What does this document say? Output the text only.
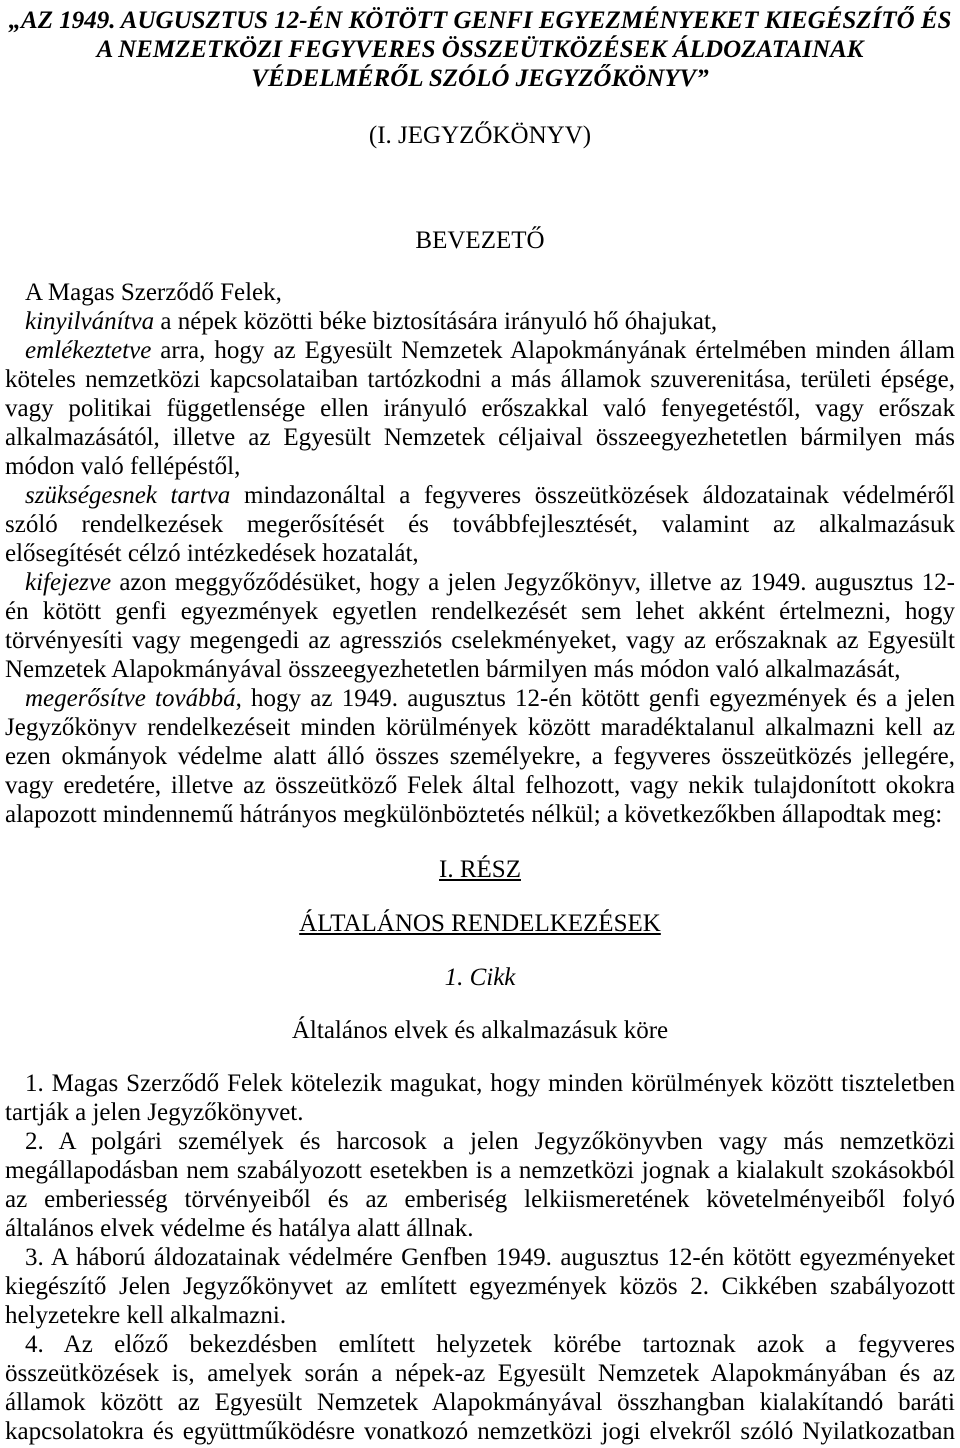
„AZ 1949. AUGUSZTUS 12-ÉN KÖTÖTT GENFI EGYEZMÉNYEKET KIEGÉSZÍTŐ ÉS
A NEMZETKÖZI FEGYVERES ÖSSZEÜTKÖZÉSEK ÁLDOZATAINAK
VÉDELMÉRŐL SZÓLÓ JEGYZŐKÖNYV”
(I. JEGYZŐKÖNYV)
BEVEZETŐ

A Magas Szerződő Felek,

kinyilvánítva a népek közötti béke biztosítására irányuló hő óhajukat,

emlékeztetve arra, hogy az Egyesült Nemzetek Alapokmányának értelmében minden állam köteles nemzetközi kapcsolataiban tartózkodni a más államok szuverenitása, területi épsége, vagy politikai függetlensége ellen irányuló erőszakkal való fenyegetéstől, vagy erőszak alkalmazásától, illetve az Egyesült Nemzetek céljaival összeegyezhetetlen bármilyen más módon való fellépéstől,

szükségesnek tartva mindazonáltal a fegyveres összeütközések áldozatainak védelméről szóló rendelkezések megerősítését és továbbfejlesztését, valamint az alkalmazásuk elősegítését célzó intézkedések hozatalát,

kifejezve azon meggyőződésüket, hogy a jelen Jegyzőkönyv, illetve az 1949. augusztus 12-én kötött genfi egyezmények egyetlen rendelkezését sem lehet akként értelmezni, hogy törvényesíti vagy megengedi az agressziós cselekményeket, vagy az erőszaknak az Egyesült Nemzetek Alapokmányával összeegyezhetetlen bármilyen más módon való alkalmazását,

megerősítve továbbá, hogy az 1949. augusztus 12-én kötött genfi egyezmények és a jelen Jegyzőkönyv rendelkezéseit minden körülmények között maradéktalanul alkalmazni kell az ezen okmányok védelme alatt álló összes személyekre, a fegyveres összeütközés jellegére, vagy eredetére, illetve az összeütköző Felek által felhozott, vagy nekik tulajdonított okokra alapozott mindennemű hátrányos megkülönböztetés nélkül; a következőkben állapodtak meg:

I. RÉSZ
ÁLTALÁNOS RENDELKEZÉSEK
1. Cikk
Általános elvek és alkalmazásuk köre

1. Magas Szerződő Felek kötelezik magukat, hogy minden körülmények között tiszteletben tartják a jelen Jegyzőkönyvet.

2. A polgári személyek és harcosok a jelen Jegyzőkönyvben vagy más nemzetközi megállapodásban nem szabályozott esetekben is a nemzetközi jognak a kialakult szokásokból az emberiesség törvényeiből és az emberiség lelkiismeretének követelményeiből folyó általános elvek védelme és hatálya alatt állnak.

3. A háború áldozatainak védelmére Genfben 1949. augusztus 12-én kötött egyezményeket kiegészítő Jelen Jegyzőkönyvet az említett egyezmények közös 2. Cikkében szabályozott helyzetekre kell alkalmazni.

4. Az előző bekezdésben említett helyzetek körébe tartoznak azok a fegyveres összeütközések is, amelyek során a népek-az Egyesült Nemzetek Alapokmányában és az államok között az Egyesült Nemzetek Alapokmányával összhangban kialakítandó baráti kapcsolatokra és együttműködésre vonatkozó nemzetközi jogi elvekről szóló Nyilatkozatban
